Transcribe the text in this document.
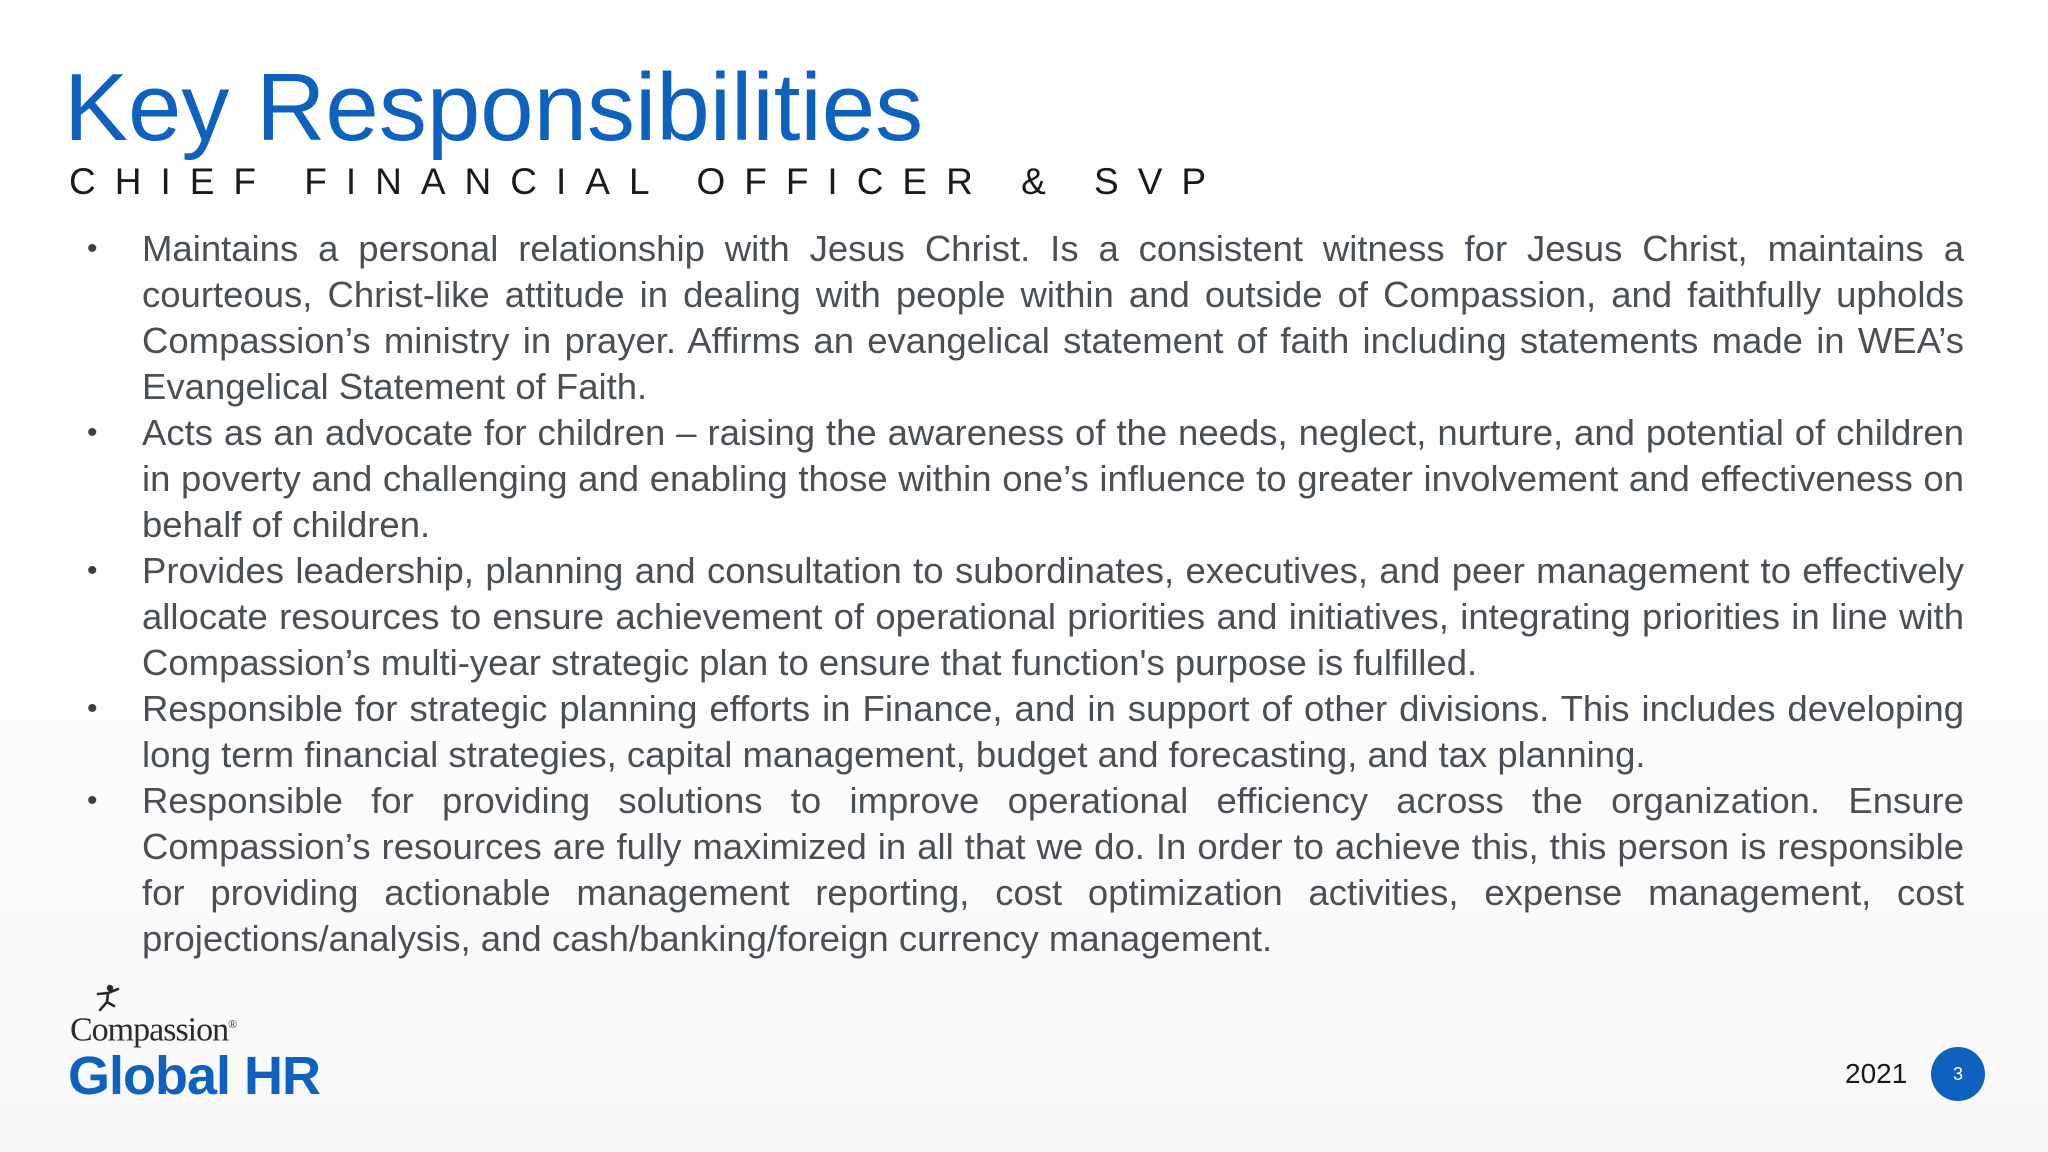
Key Responsibilities
CHIEF FINANCIAL OFFICER & SVP
• Maintains a personal relationship with Jesus Christ. Is a consistent witness for Jesus Christ, maintains a courteous, Christ-like attitude in dealing with people within and outside of Compassion, and faithfully upholds Compassion’s ministry in prayer. Affirms an evangelical statement of faith including statements made in WEA’s Evangelical Statement of Faith.
• Acts as an advocate for children – raising the awareness of the needs, neglect, nurture, and potential of children in poverty and challenging and enabling those within one’s influence to greater involvement and effectiveness on behalf of children.
• Provides leadership, planning and consultation to subordinates, executives, and peer management to effectively allocate resources to ensure achievement of operational priorities and initiatives, integrating priorities in line with Compassion’s multi-year strategic plan to ensure that function's purpose is fulfilled.
• Responsible for strategic planning efforts in Finance, and in support of other divisions. This includes developing long term financial strategies, capital management, budget and forecasting, and tax planning.
• Responsible for providing solutions to improve operational efficiency across the organization. Ensure Compassion’s resources are fully maximized in all that we do. In order to achieve this, this person is responsible for providing actionable management reporting, cost optimization activities, expense management, cost projections/analysis, and cash/banking/foreign currency management.
Compassion®
Global HR	2021	3
